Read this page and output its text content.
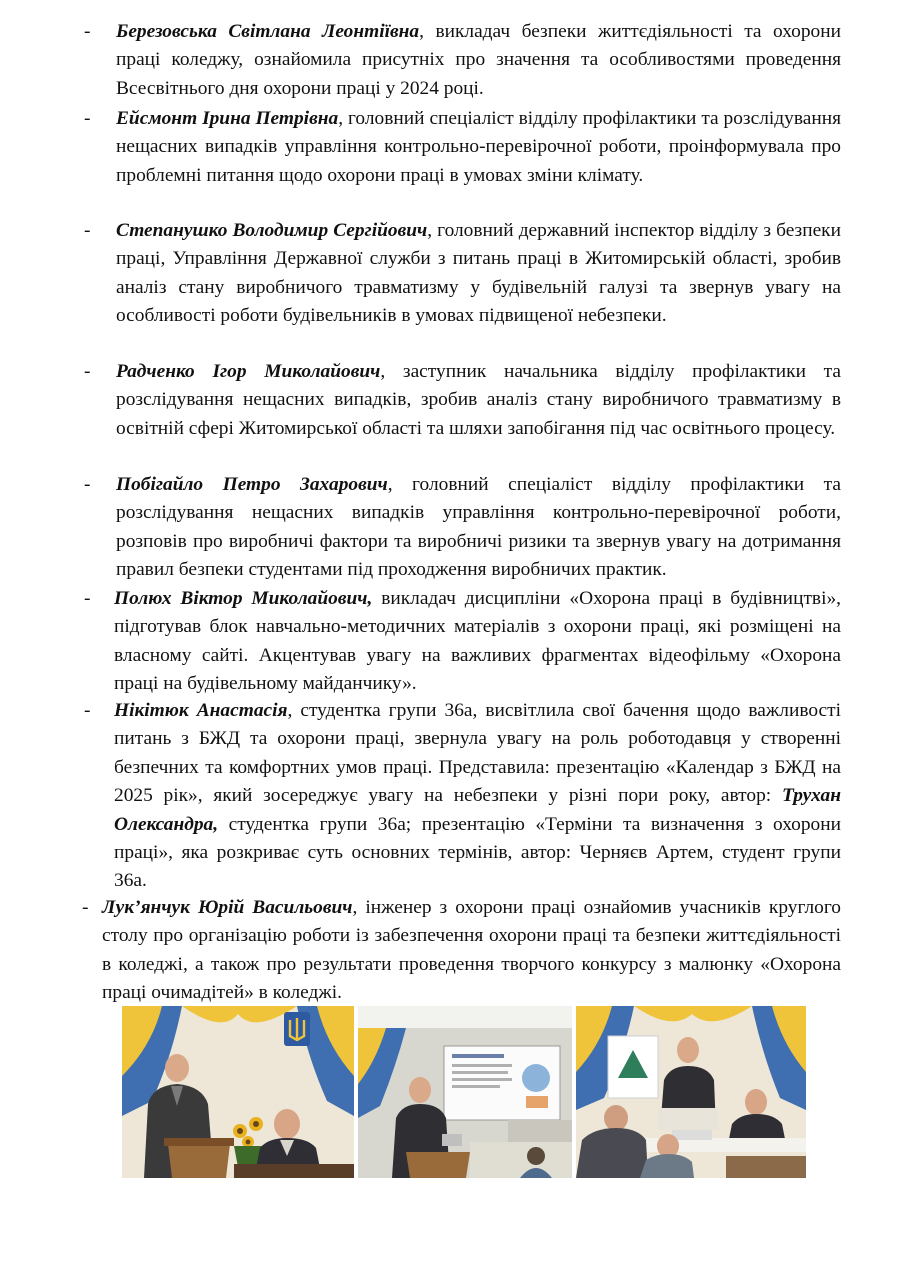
- Березовська Світлана Леонтіївна, викладач безпеки життєдіяльності та охорони праці коледжу, ознайомила присутніх про значення та особливостями проведення Всесвітнього дня охорони праці у 2024 році.
- Ейсмонт Ірина Петрівна, головний спеціаліст відділу профілактики та розслідування нещасних випадків управління контрольно-перевірочної роботи, проінформувала про проблемні питання щодо охорони праці в умовах зміни клімату.
- Степанушко Володимир Сергійович, головний державний інспектор відділу з безпеки праці, Управління Державної служби з питань праці в Житомирській області, зробив аналіз стану виробничого травматизму у будівельній галузі та звернув увагу на особливості роботи будівельників в умовах підвищеної небезпеки.
- Радченко Ігор Миколайович, заступник начальника відділу профілактики та розслідування нещасних випадків, зробив аналіз стану виробничого травматизму в освітній сфері Житомирської області та шляхи запобігання під час освітнього процесу.
- Побігайло Петро Захарович, головний спеціаліст відділу профілактики та розслідування нещасних випадків управління контрольно-перевірочної роботи, розповів про виробничі фактори та виробничі ризики та звернув увагу на дотримання правил безпеки студентами під проходження виробничих практик.
- Полюх Віктор Миколайович, викладач дисципліни «Охорона праці в будівництві», підготував блок навчально-методичних матеріалів з охорони праці, які розміщені на власному сайті. Акцентував увагу на важливих фрагментах відеофільму «Охорона праці на будівельному майданчику».
- Нікітюк Анастасія, студентка групи 36а, висвітлила свої бачення щодо важливості питань з БЖД та охорони праці, звернула увагу на роль роботодавця у створенні безпечних та комфортних умов праці. Представила: презентацію «Календар з БЖД на 2025 рік», який зосереджує увагу на небезпеки у різні пори року, автор: Трухан Олександра, студентка групи 36а; презентацію «Терміни та визначення з охорони праці», яка розкриває суть основних термінів, автор: Черняєв Артем, студент групи 36а.
- Лук’янчук Юрій Васильович, інженер з охорони праці ознайомив учасників круглого столу про організацію роботи із забезпечення охорони праці та безпеки життєдіяльності в коледжі, а також про результати проведення творчого конкурсу з малюнку «Охорона праці очимадітей» в коледжі.
